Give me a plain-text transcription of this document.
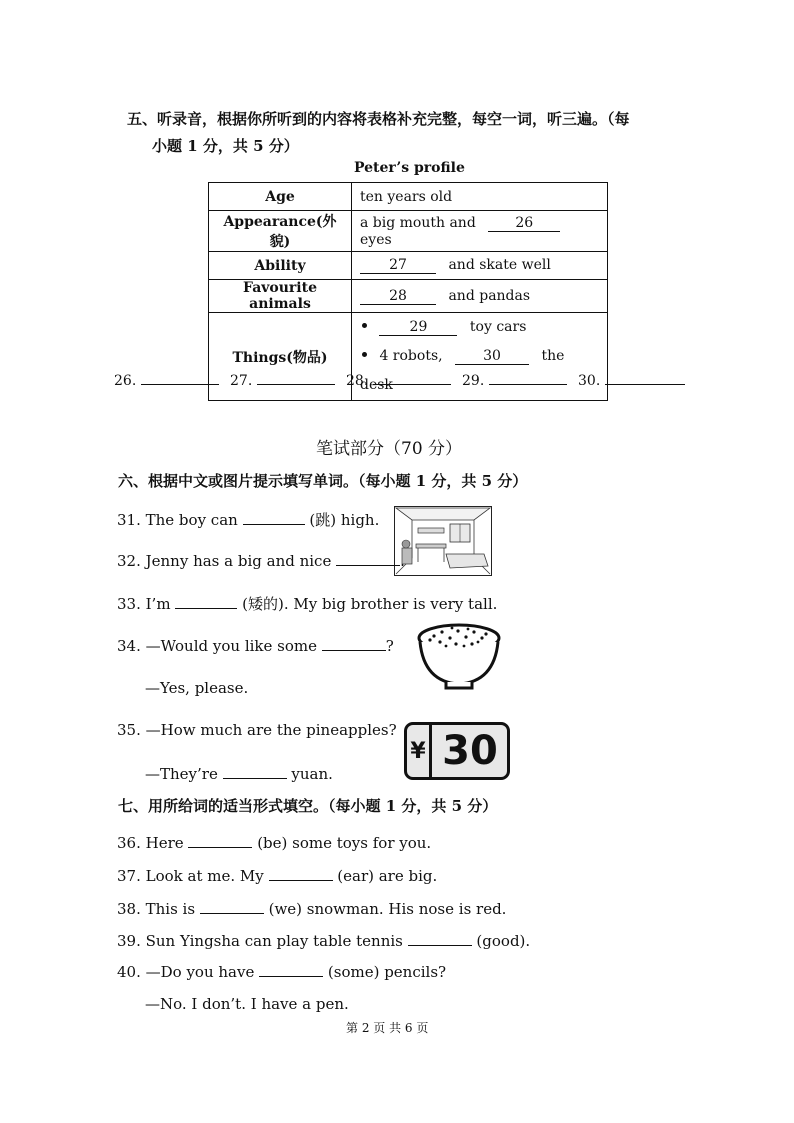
五、听录音，根据你所听到的内容将表格补充完整，每空一词，听三遍。（每
小题 1 分，共 5 分）
Peter’s profile
Age	ten years old
Appearance(外貌)	a big mouth and 26 eyes
Ability	27 and skate well
Favourite animals	28 and pandas
Things(物品)	29 toy cars
4 robots, 30 the desk
26.	27.	28.	29.	30.
笔试部分（70 分）
六、根据中文或图片提示填写单词。（每小题 1 分，共 5 分）
31. The boy can	(跳) high.
32. Jenny has a big and nice	.
33. I’m	(矮的). My big brother is very tall.
34. —Would you like some	?
—Yes, please.
35. —How much are the pineapples?
—They’re	yuan.
¥ 30
七、用所给词的适当形式填空。（每小题 1 分，共 5 分）
36. Here	(be) some toys for you.
37. Look at me. My	(ear) are big.
38. This is	(we) snowman. His nose is red.
39. Sun Yingsha can play table tennis	(good).
40. —Do you have	(some) pencils?
—No. I don’t. I have a pen.
第 2 页 共 6 页
